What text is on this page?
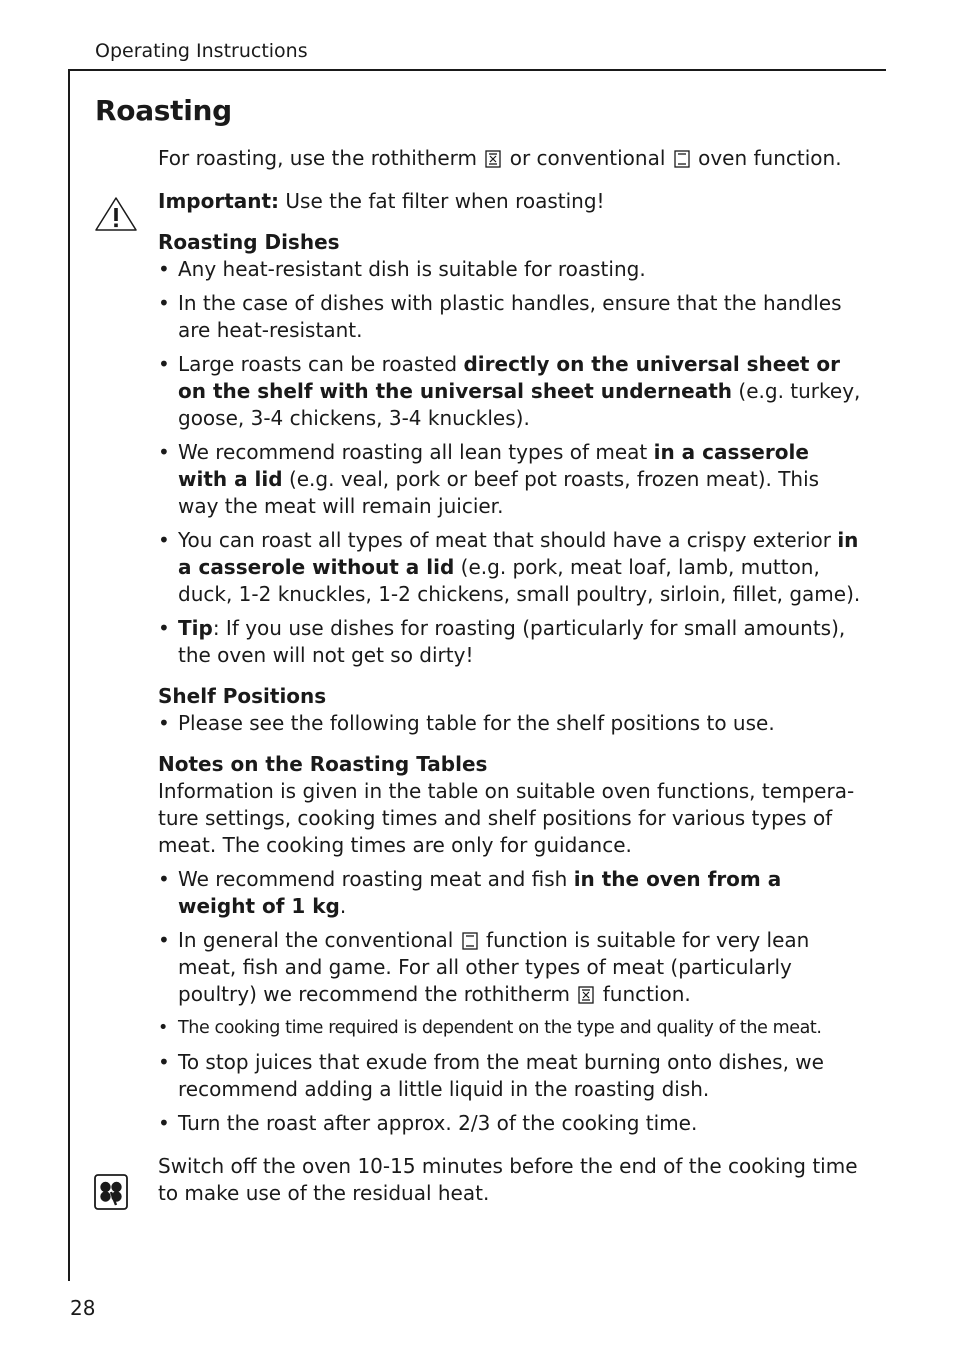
Operating Instructions
Roasting

For roasting, use the rothitherm  or conventional  oven function.

Important: Use the fat filter when roasting!

Roasting Dishes

• Any heat-resistant dish is suitable for roasting.
• In the case of dishes with plastic handles, ensure that the handles are heat-resistant.
• Large roasts can be roasted directly on the universal sheet or on the shelf with the universal sheet underneath (e.g. turkey, goose, 3-4 chickens, 3-4 knuckles).
• We recommend roasting all lean types of meat in a casserole with a lid (e.g. veal, pork or beef pot roasts, frozen meat). This way the meat will remain juicier.
• You can roast all types of meat that should have a crispy exterior in a casserole without a lid (e.g. pork, meat loaf, lamb, mutton, duck, 1-2 knuckles, 1-2 chickens, small poultry, sirloin, fillet, game).
• Tip: If you use dishes for roasting (particularly for small amounts), the oven will not get so dirty!

Shelf Positions

• Please see the following table for the shelf positions to use.

Notes on the Roasting Tables

Information is given in the table on suitable oven functions, tempera-ture settings, cooking times and shelf positions for various types of meat. The cooking times are only for guidance.

• We recommend roasting meat and fish in the oven from a weight of 1 kg.
• In general the conventional  function is suitable for very lean meat, fish and game. For all other types of meat (particularly poultry) we recommend the rothitherm  function.
• The cooking time required is dependent on the type and quality of the meat.
• To stop juices that exude from the meat burning onto dishes, we recommend adding a little liquid in the roasting dish.
• Turn the roast after approx. 2/3 of the cooking time.

Switch off the oven 10-15 minutes before the end of the cooking time to make use of the residual heat.

28
